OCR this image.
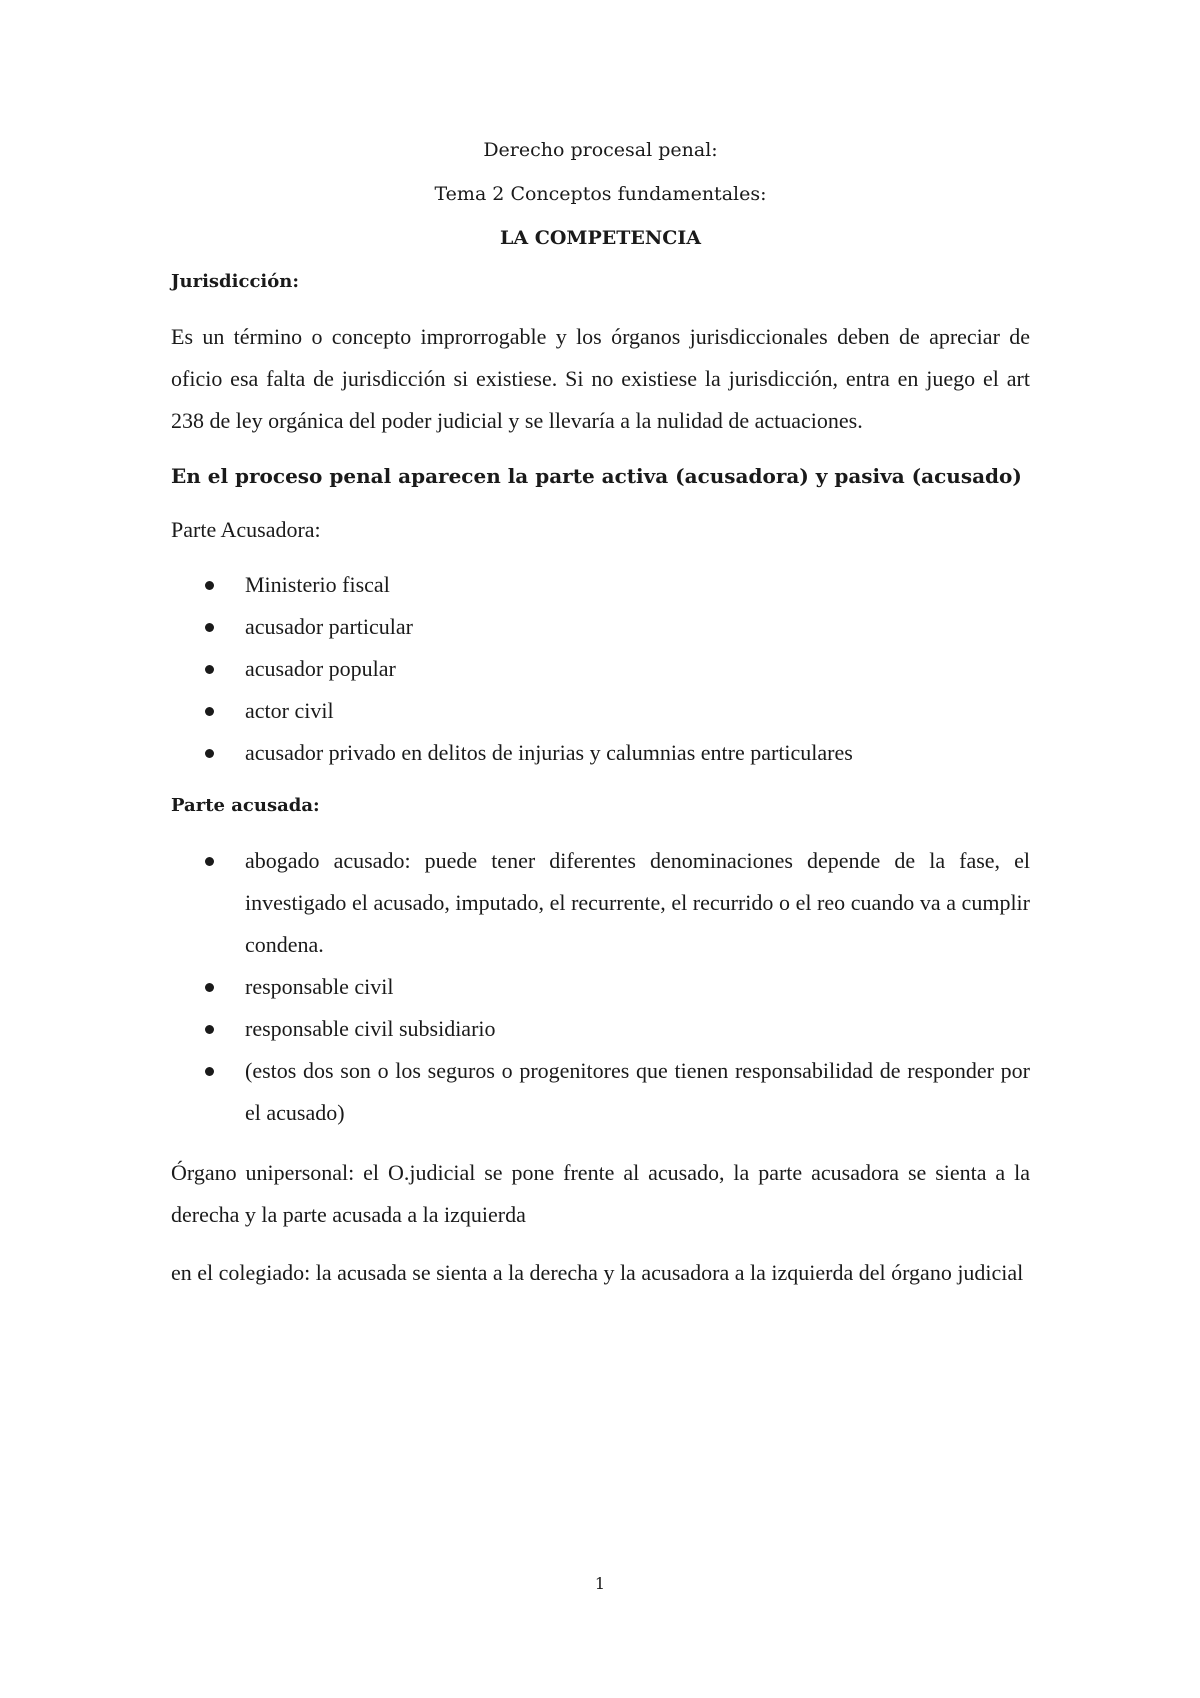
Derecho procesal penal:
Tema 2 Conceptos fundamentales:
LA COMPETENCIA
Jurisdicción:

Es un término o concepto improrrogable y los órganos jurisdiccionales deben de apreciar de oficio esa falta de jurisdicción si existiese. Si no existiese la jurisdicción, entra en juego el art 238 de ley orgánica del poder judicial y se llevaría a la nulidad de actuaciones.

En el proceso penal aparecen la parte activa (acusadora) y pasiva (acusado)
Parte Acusadora:
Ministerio fiscal
acusador particular
acusador popular
actor civil
acusador privado en delitos de injurias y calumnias entre particulares
Parte acusada:
abogado acusado: puede tener diferentes denominaciones depende de la fase, el investigado el acusado, imputado, el recurrente, el recurrido o el reo cuando va a cumplir condena.
responsable civil
responsable civil subsidiario
(estos dos son o los seguros o progenitores que tienen responsabilidad de responder por el acusado)

Órgano unipersonal: el O.judicial se pone frente al acusado, la parte acusadora se sienta a la derecha y la parte acusada a la izquierda

en el colegiado: la acusada se sienta a la derecha y la acusadora a la izquierda del órgano judicial

1
